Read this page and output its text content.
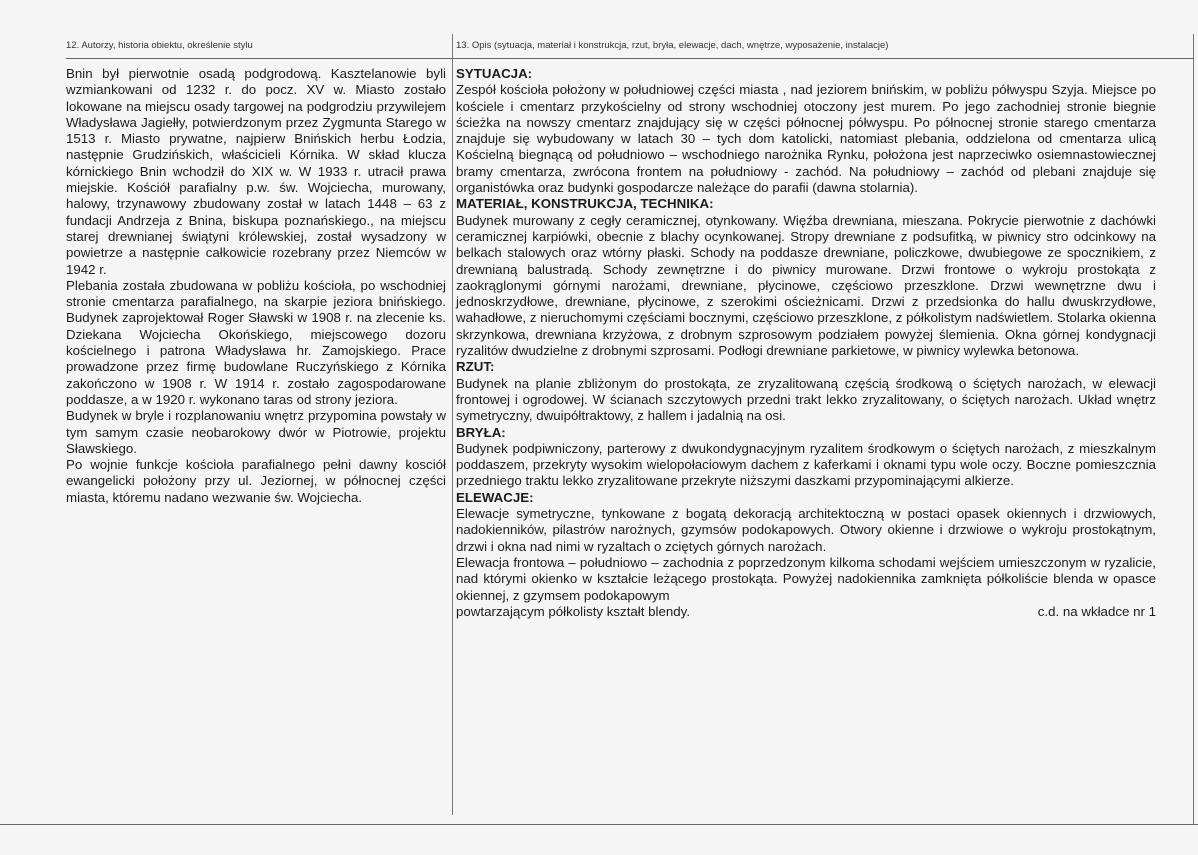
12. Autorzy, historia obiektu, określenie stylu	13. Opis (sytuacja, materiał i konstrukcja, rzut, bryła, elewacje, dach, wnętrze, wyposażenie, instalacje)

Bnin był pierwotnie osadą podgrodową. Kasztelanowie byli wzmiankowani od 1232 r. do pocz. XV w. Miasto zostało lokowane na miejscu osady targowej na podgrodziu przywilejem Władysława Jagiełły, potwierdzonym przez Zygmunta Starego w 1513 r. Miasto prywatne, najpierw Bnińskich herbu Łodzia, następnie Grudzińskich, właścicieli Kórnika. W skład klucza kórnickiego Bnin wchodził do XIX w. W 1933 r. utracił prawa miejskie. Kościół parafialny p.w. św. Wojciecha, murowany, halowy, trzynawowy zbudowany został w latach 1448 – 63 z fundacji Andrzeja z Bnina, biskupa poznańskiego., na miejscu starej drewnianej świątyni królewskiej, został wysadzony w powietrze a następnie całkowicie rozebrany przez Niemców w 1942 r.

Plebania została zbudowana w pobliżu kościoła, po wschodniej stronie cmentarza parafialnego, na skarpie jeziora bnińskiego. Budynek zaprojektował Roger Sławski w 1908 r. na zlecenie ks. Dziekana Wojciecha Okońskiego, miejscowego dozoru kościelnego i patrona Władysława hr. Zamojskiego. Prace prowadzone przez firmę budowlane Ruczyńskiego z Kórnika zakończono w 1908 r. W 1914 r. zostało zagospodarowane poddasze, a w 1920 r. wykonano taras od strony jeziora.

Budynek w bryle i rozplanowaniu wnętrz przypomina powstały w tym samym czasie neobarokowy dwór w Piotrowie, projektu Sławskiego.

Po wojnie funkcje kościoła parafialnego pełni dawny kosciół ewangelicki położony przy ul. Jeziornej, w północnej części miasta, któremu nadano wezwanie św. Wojciecha.

SYTUACJA:

Zespół kościoła położony w południowej części miasta , nad jeziorem bnińskim, w pobliżu półwyspu Szyja. Miejsce po kościele i cmentarz przykościelny od strony wschodniej otoczony jest murem. Po jego zachodniej stronie biegnie ścieżka na nowszy cmentarz znajdujący się w części północnej półwyspu. Po północnej stronie starego cmentarza znajduje się wybudowany w latach 30 – tych dom katolicki, natomiast plebania, oddzielona od cmentarza ulicą Kościelną biegnącą od południowo – wschodniego narożnika Rynku, położona jest naprzeciwko osiemnastowiecznej bramy cmentarza, zwrócona frontem na południowy - zachód. Na południowy – zachód od plebani znajduje się organistówka oraz budynki gospodarcze należące do parafii (dawna stolarnia).

MATERIAŁ, KONSTRUKCJA, TECHNIKA:

Budynek murowany z cegły ceramicznej, otynkowany. Więźba drewniana, mieszana. Pokrycie pierwotnie z dachówki ceramicznej karpiówki, obecnie z blachy ocynkowanej. Stropy drewniane z podsufitką, w piwnicy stro odcinkowy na belkach stalowych oraz wtórny płaski. Schody na poddasze drewniane, policzkowe, dwubiegowe ze spocznikiem, z drewnianą balustradą. Schody zewnętrzne i do piwnicy murowane. Drzwi frontowe o wykroju prostokąta z zaokrąglonymi górnymi narożami, drewniane, płycinowe, częściowo przeszklone. Drzwi wewnętrzne dwu i jednoskrzydłowe, drewniane, płycinowe, z szerokimi ościeżnicami. Drzwi z przedsionka do hallu dwuskrzydłowe, wahadłowe, z nieruchomymi częściami bocznymi, częściowo przeszklone, z półkolistym nadświetlem. Stolarka okienna skrzynkowa, drewniana krzyżowa, z drobnym szprosowym podziałem powyżej ślemienia. Okna górnej kondygnacji ryzalitów dwudzielne z drobnymi szprosami. Podłogi drewniane parkietowe, w piwnicy wylewka betonowa.

RZUT:

Budynek na planie zbliżonym do prostokąta, ze zryzalitowaną częścią środkową o ściętych narożach, w elewacji frontowej i ogrodowej. W ścianach szczytowych przedni trakt lekko zryzalitowany, o ściętych narożach. Układ wnętrz symetryczny, dwuipółtraktowy, z hallem i jadalnią na osi.

BRYŁA:

Budynek podpiwniczony, parterowy z dwukondygnacyjnym ryzalitem środkowym o ściętych narożach, z mieszkalnym poddaszem, przekryty wysokim wielopołaciowym dachem z kaferkami i oknami typu wole oczy. Boczne pomieszcznia przedniego traktu lekko zryzalitowane przekryte niższymi daszkami przypominającymi alkierze.

ELEWACJE:

Elewacje symetryczne, tynkowane z bogatą dekoracją architektoczną w postaci opasek okiennych i drzwiowych, nadokienników, pilastrów narożnych, gzymsów podokapowych. Otwory okienne i drzwiowe o wykroju prostokątnym, drzwi i okna nad nimi w ryzaltach o zciętych górnych narożach.

Elewacja frontowa – południowo – zachodnia z poprzedzonym kilkoma schodami wejściem umieszczonym w ryzalicie, nad którymi okienko w kształcie leżącego prostokąta. Powyżej nadokiennika zamknięta półkoliście blenda w opasce okiennej, z gzymsem podokapowym

powtarzającym półkolisty kształt blendy.	c.d. na wkładce nr 1
